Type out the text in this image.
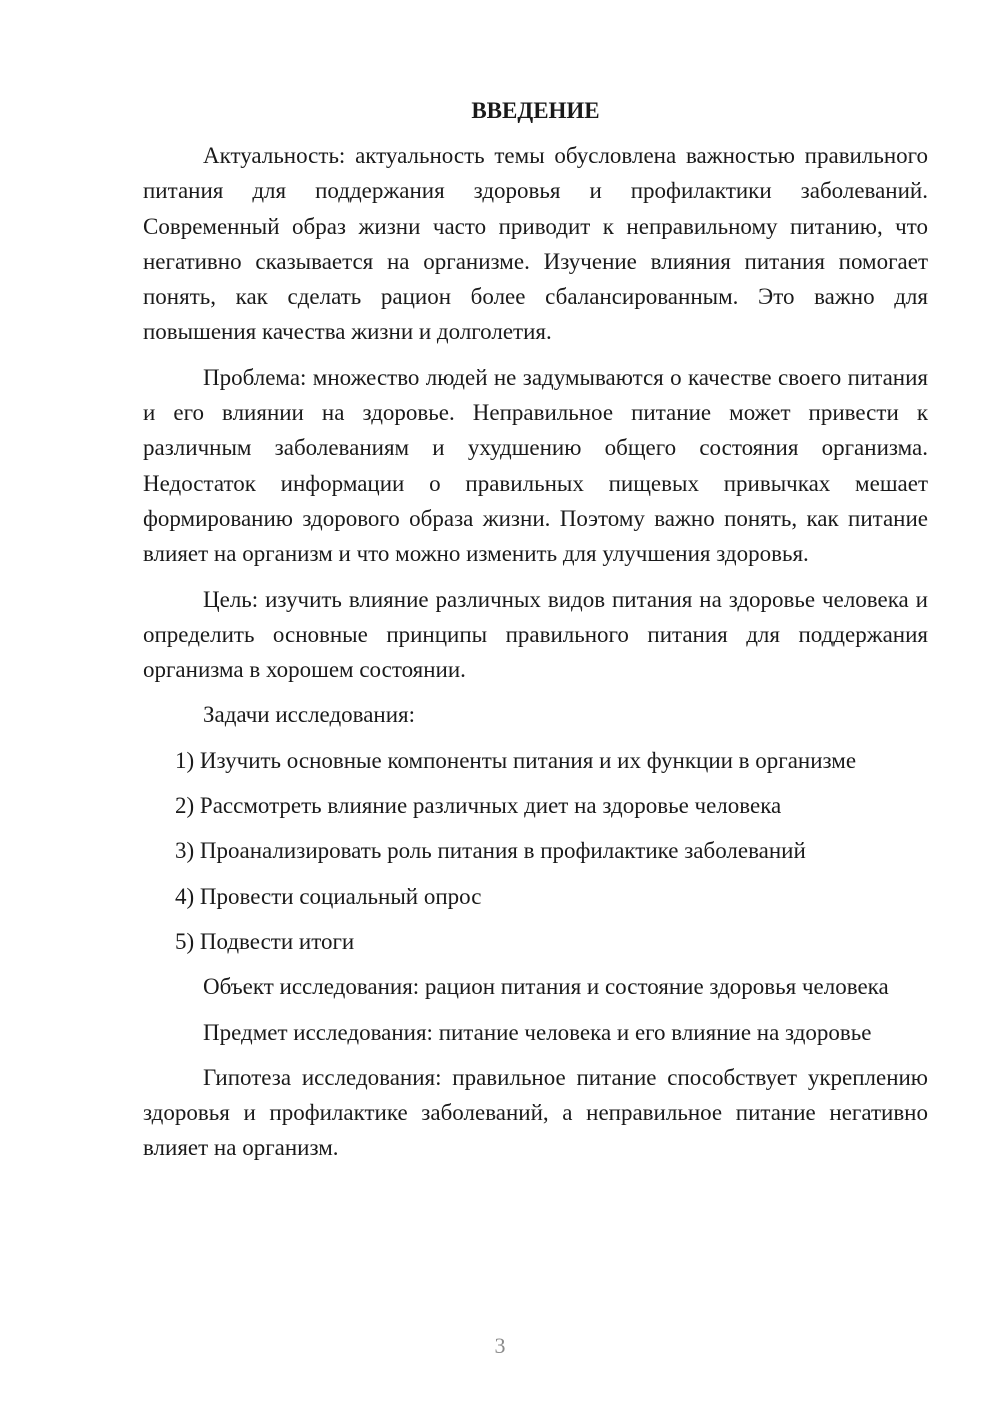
ВВЕДЕНИЕ
Актуальность: актуальность темы обусловлена важностью правильного питания для поддержания здоровья и профилактики заболеваний. Современный образ жизни часто приводит к неправильному питанию, что негативно сказывается на организме. Изучение влияния питания помогает понять, как сделать рацион более сбалансированным. Это важно для повышения качества жизни и долголетия.
Проблема: множество людей не задумываются о качестве своего питания и его влиянии на здоровье. Неправильное питание может привести к различным заболеваниям и ухудшению общего состояния организма. Недостаток информации о правильных пищевых привычках мешает формированию здорового образа жизни. Поэтому важно понять, как питание влияет на организм и что можно изменить для улучшения здоровья.
Цель: изучить влияние различных видов питания на здоровье человека и определить основные принципы правильного питания для поддержания организма в хорошем состоянии.
Задачи исследования:
1) Изучить основные компоненты питания и их функции в организме
2) Рассмотреть влияние различных диет на здоровье человека
3) Проанализировать роль питания в профилактике заболеваний
4) Провести социальный опрос
5) Подвести итоги
Объект исследования: рацион питания и состояние здоровья человека
Предмет исследования: питание человека и его влияние на здоровье
Гипотеза исследования: правильное питание способствует укреплению здоровья и профилактике заболеваний, а неправильное питание негативно влияет на организм.
3
